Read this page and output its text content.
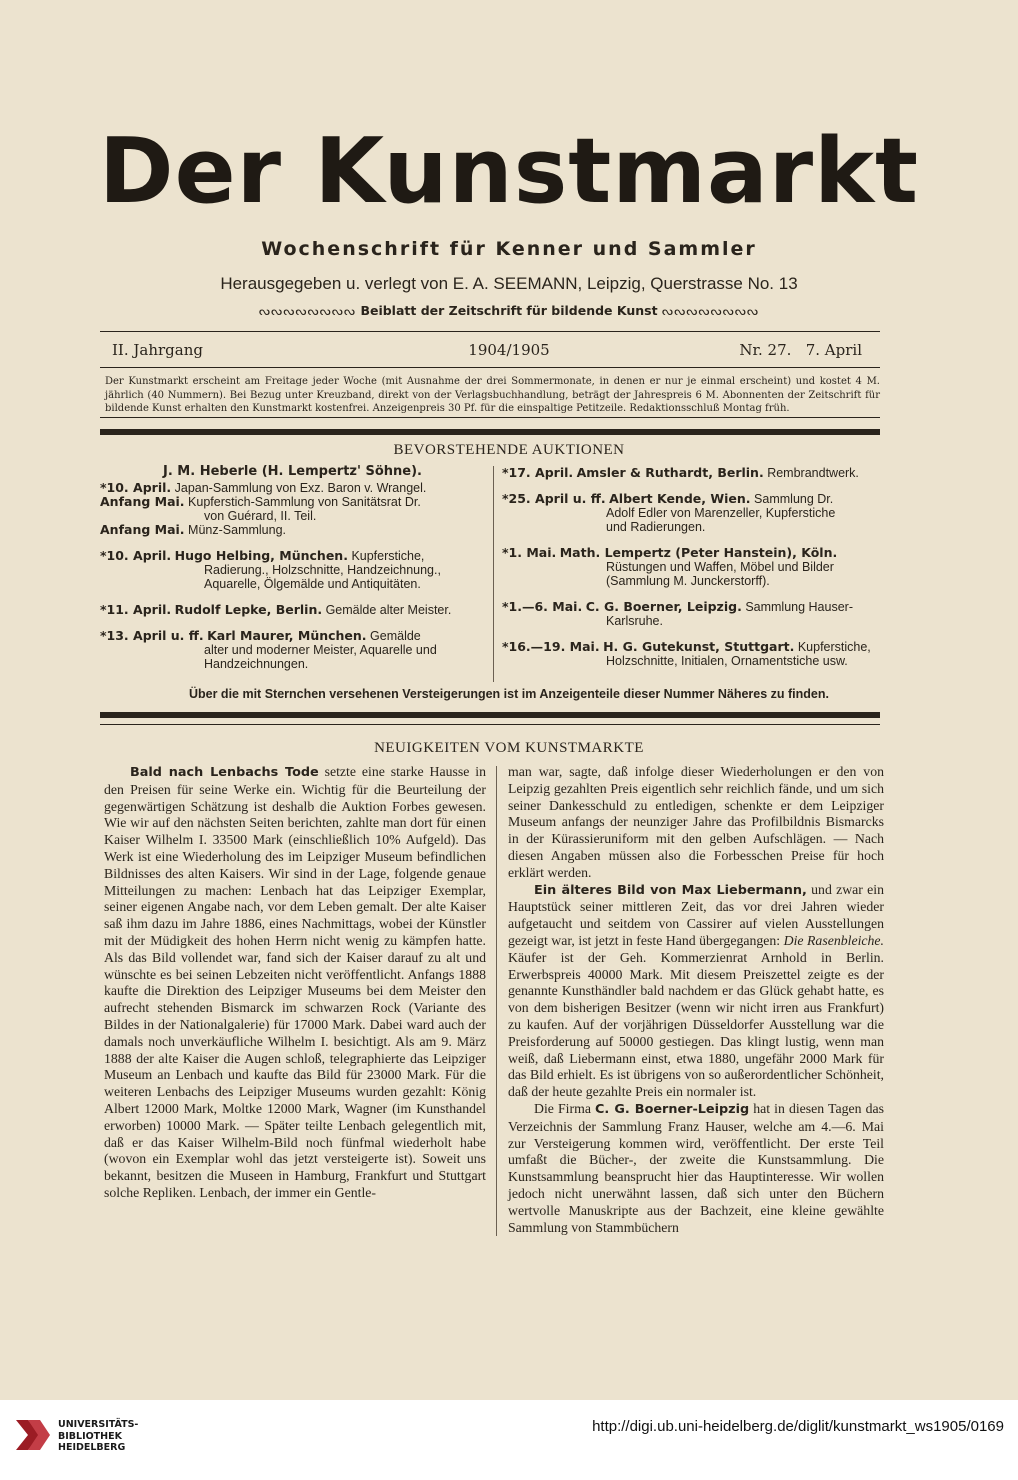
Der Kunstmarkt
Wochenschrift für Kenner und Sammler
Herausgegeben u. verlegt von E. A. SEEMANN, Leipzig, Querstrasse No. 13
ᔓᔓᔓᔓᔓᔓᔓᔓ Beiblatt der Zeitschrift für bildende Kunst ᔓᔓᔓᔓᔓᔓᔓᔓ
II. Jahrgang	1904/1905	Nr. 27.   7. April
Der Kunstmarkt erscheint am Freitage jeder Woche (mit Ausnahme der drei Sommermonate, in denen er nur je einmal erscheint) und kostet 4 M. jährlich (40 Nummern). Bei Bezug unter Kreuzband, direkt von der Verlagsbuchhandlung, beträgt der Jahrespreis 6 M. Abonnenten der Zeitschrift für bildende Kunst erhalten den Kunstmarkt kostenfrei. Anzeigenpreis 30 Pf. für die einspaltige Petitzeile. Redaktionsschluß Montag früh.
BEVORSTEHENDE AUKTIONEN
J. M. Heberle (H. Lempertz' Söhne).
*10. April. Japan-Sammlung von Exz. Baron v. Wrangel.
Anfang Mai. Kupferstich-Sammlung von Sanitätsrat Dr.
von Guérard, II. Teil.
Anfang Mai. Münz-Sammlung.
*10. April. Hugo Helbing, München. Kupferstiche,
Radierung., Holzschnitte, Handzeichnung.,
Aquarelle, Ölgemälde und Antiquitäten.
*11. April. Rudolf Lepke, Berlin. Gemälde alter Meister.
*13. April u. ff. Karl Maurer, München. Gemälde
alter und moderner Meister, Aquarelle und
Handzeichnungen.
*17. April. Amsler & Ruthardt, Berlin. Rembrandtwerk.
*25. April u. ff. Albert Kende, Wien. Sammlung Dr.
Adolf Edler von Marenzeller, Kupferstiche
und Radierungen.
*1. Mai. Math. Lempertz (Peter Hanstein), Köln.
Rüstungen und Waffen, Möbel und Bilder
(Sammlung M. Junckerstorff).
*1.—6. Mai. C. G. Boerner, Leipzig. Sammlung Hauser-
Karlsruhe.
*16.—19. Mai. H. G. Gutekunst, Stuttgart. Kupferstiche,
Holzschnitte, Initialen, Ornamentstiche usw.
Über die mit Sternchen versehenen Versteigerungen ist im Anzeigenteile dieser Nummer Näheres zu finden.
NEUIGKEITEN VOM KUNSTMARKTE

Bald nach Lenbachs Tode setzte eine starke Hausse in den Preisen für seine Werke ein. Wichtig für die Beurteilung der gegenwärtigen Schätzung ist deshalb die Auktion Forbes gewesen. Wie wir auf den nächsten Seiten berichten, zahlte man dort für einen Kaiser Wilhelm I. 33500 Mark (einschließlich 10% Aufgeld). Das Werk ist eine Wiederholung des im Leipziger Museum befindlichen Bildnisses des alten Kaisers. Wir sind in der Lage, folgende genaue Mitteilungen zu machen: Lenbach hat das Leipziger Exemplar, seiner eigenen Angabe nach, vor dem Leben gemalt. Der alte Kaiser saß ihm dazu im Jahre 1886, eines Nachmittags, wobei der Künstler mit der Müdigkeit des hohen Herrn nicht wenig zu kämpfen hatte. Als das Bild vollendet war, fand sich der Kaiser darauf zu alt und wünschte es bei seinen Lebzeiten nicht veröffentlicht. Anfangs 1888 kaufte die Direktion des Leipziger Museums bei dem Meister den aufrecht stehenden Bismarck im schwarzen Rock (Variante des Bildes in der Nationalgalerie) für 17000 Mark. Dabei ward auch der damals noch unverkäufliche Wilhelm I. besichtigt. Als am 9. März 1888 der alte Kaiser die Augen schloß, telegraphierte das Leipziger Museum an Lenbach und kaufte das Bild für 23000 Mark. Für die weiteren Lenbachs des Leipziger Museums wurden gezahlt: König Albert 12000 Mark, Moltke 12000 Mark, Wagner (im Kunsthandel erworben) 10000 Mark. — Später teilte Lenbach gelegentlich mit, daß er das Kaiser Wilhelm-Bild noch fünfmal wiederholt habe (wovon ein Exemplar wohl das jetzt versteigerte ist). Soweit uns bekannt, besitzen die Museen in Hamburg, Frankfurt und Stuttgart solche Repliken. Lenbach, der immer ein Gentle-

man war, sagte, daß infolge dieser Wiederholungen er den von Leipzig gezahlten Preis eigentlich sehr reichlich fände, und um sich seiner Dankesschuld zu entledigen, schenkte er dem Leipziger Museum anfangs der neunziger Jahre das Profilbildnis Bismarcks in der Kürassieruniform mit den gelben Aufschlägen. — Nach diesen Angaben müssen also die Forbesschen Preise für hoch erklärt werden.

Ein älteres Bild von Max Liebermann, und zwar ein Hauptstück seiner mittleren Zeit, das vor drei Jahren wieder aufgetaucht und seitdem von Cassirer auf vielen Ausstellungen gezeigt war, ist jetzt in feste Hand übergegangen: Die Rasenbleiche. Käufer ist der Geh. Kommerzienrat Arnhold in Berlin. Erwerbspreis 40000 Mark. Mit diesem Preiszettel zeigte es der genannte Kunsthändler bald nachdem er das Glück gehabt hatte, es von dem bisherigen Besitzer (wenn wir nicht irren aus Frankfurt) zu kaufen. Auf der vorjährigen Düsseldorfer Ausstellung war die Preisforderung auf 50000 gestiegen. Das klingt lustig, wenn man weiß, daß Liebermann einst, etwa 1880, ungefähr 2000 Mark für das Bild erhielt. Es ist übrigens von so außerordentlicher Schönheit, daß der heute gezahlte Preis ein normaler ist.

Die Firma C. G. Boerner-Leipzig hat in diesen Tagen das Verzeichnis der Sammlung Franz Hauser, welche am 4.—6. Mai zur Versteigerung kommen wird, veröffentlicht. Der erste Teil umfaßt die Bücher-, der zweite die Kunstsammlung. Die Kunstsammlung beansprucht hier das Hauptinteresse. Wir wollen jedoch nicht unerwähnt lassen, daß sich unter den Büchern wertvolle Manuskripte aus der Bachzeit, eine kleine gewählte Sammlung von Stammbüchern

UNIVERSITÄTS-
BIBLIOTHEK
HEIDELBERG
http://digi.ub.uni-heidelberg.de/diglit/kunstmarkt_ws1905/0169
